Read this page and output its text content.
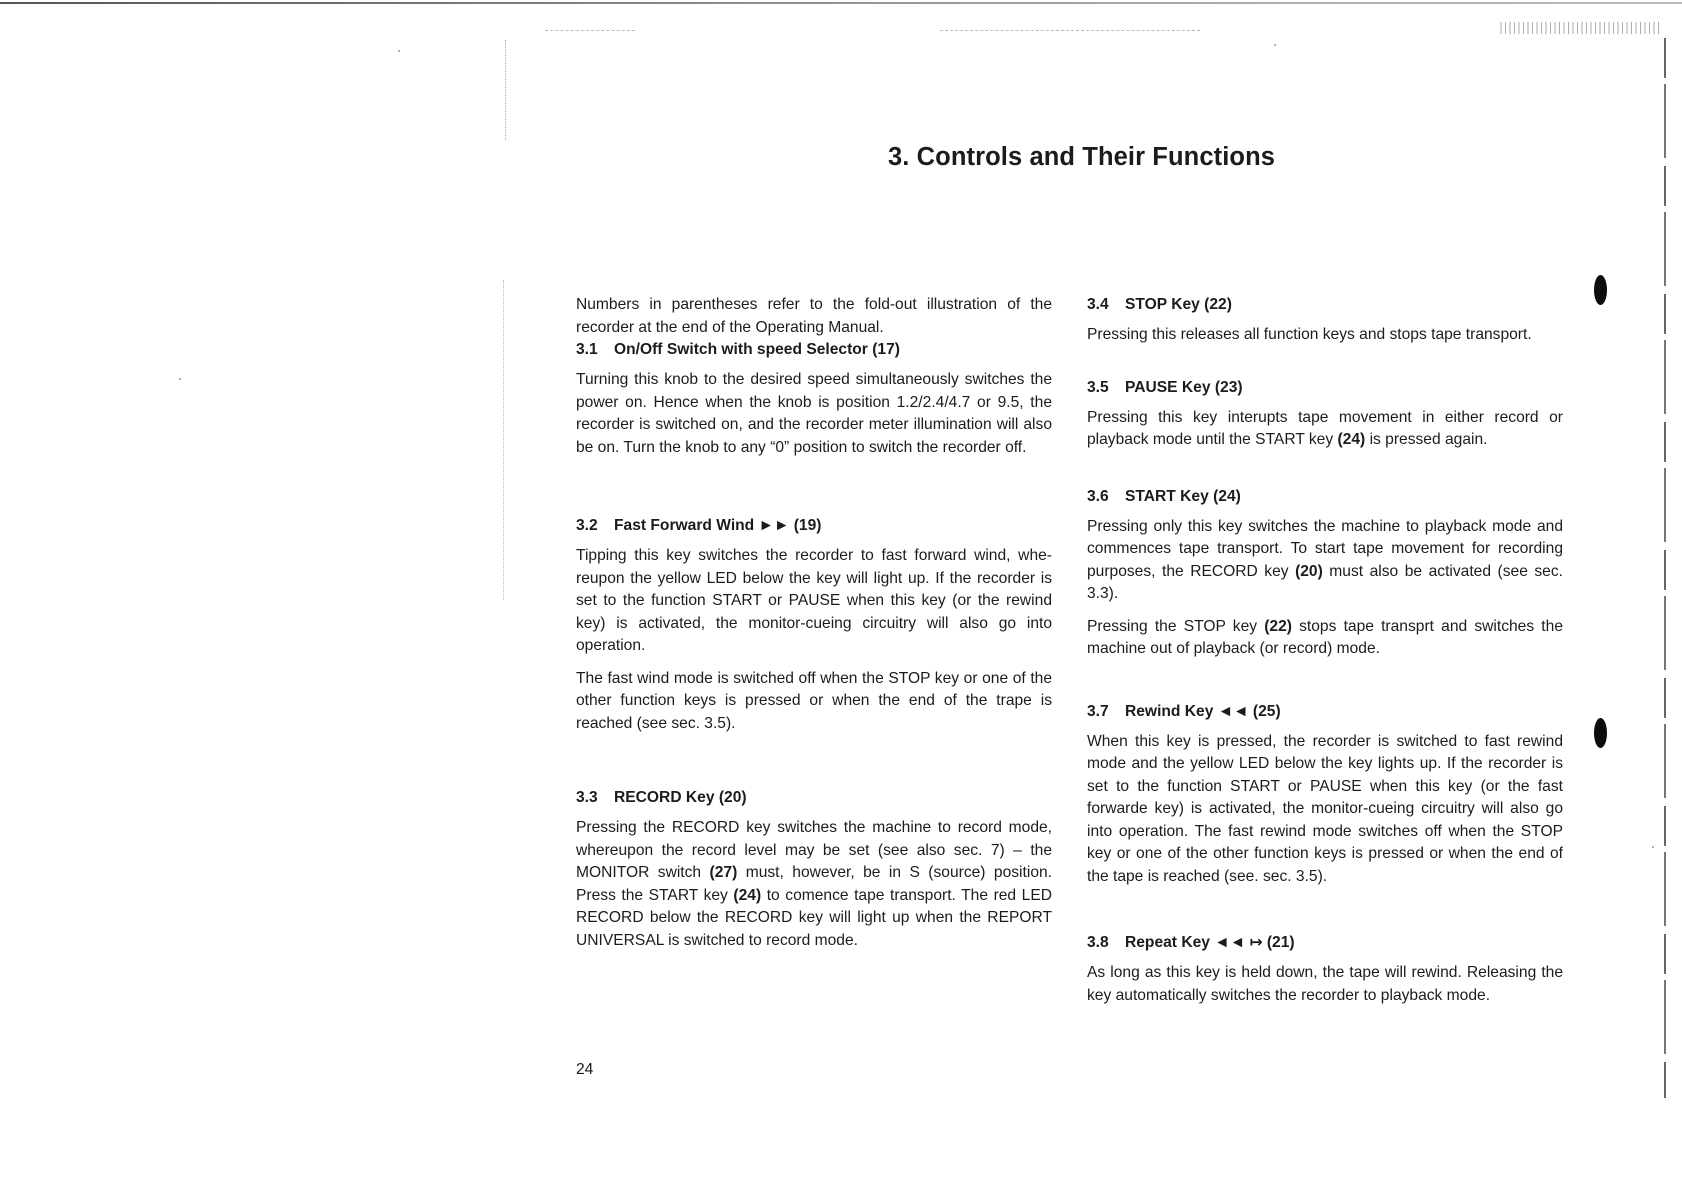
3. Controls and Their Functions

Numbers in parentheses refer to the fold-out illustration of the recorder at the end of the Operating Manual.

3.1 On/Off Switch with speed Selector (17)

Turning this knob to the desired speed simultaneously switches the power on. Hence when the knob is position 1.2/2.4/4.7 or 9.5, the recorder is switched on, and the recorder meter illumination will also be on. Turn the knob to any “0” position to switch the recorder off.

3.2 Fast Forward Wind ►► (19)

Tipping this key switches the recorder to fast forward wind, whereupon the yellow LED below the key will light up. If the recorder is set to the function START or PAUSE when this key (or the rewind key) is activated, the monitor-cueing circuitry will also go into operation.

The fast wind mode is switched off when the STOP key or one of the other function keys is pressed or when the end of the trape is reached (see sec. 3.5).

3.3 RECORD Key (20)

Pressing the RECORD key switches the machine to record mode, whereupon the record level may be set (see also sec. 7) – the MONITOR switch (27) must, however, be in S (source) position. Press the START key (24) to comence tape transport. The red LED RECORD below the RECORD key will light up when the REPORT UNIVERSAL is switched to record mode.

3.4 STOP Key (22)

Pressing this releases all function keys and stops tape transport.

3.5 PAUSE Key (23)

Pressing this key interupts tape movement in either record or playback mode until the START key (24) is pressed again.

3.6 START Key (24)

Pressing only this key switches the machine to playback mode and commences tape transport. To start tape movement for recording purposes, the RECORD key (20) must also be activated (see sec. 3.3).

Pressing the STOP key (22) stops tape transprt and switches the machine out of playback (or record) mode.

3.7 Rewind Key ◄◄ (25)

When this key is pressed, the recorder is switched to fast rewind mode and the yellow LED below the key lights up. If the recorder is set to the function START or PAUSE when this key (or the fast forwarde key) is activated, the monitor-cueing circuitry will also go into operation. The fast rewind mode switches off when the STOP key or one of the other function keys is pressed or when the end of the tape is reached (see. sec. 3.5).

3.8 Repeat Key ◄◄ ↦ (21)

As long as this key is held down, the tape will rewind. Releasing the key automatically switches the recorder to playback mode.

24
